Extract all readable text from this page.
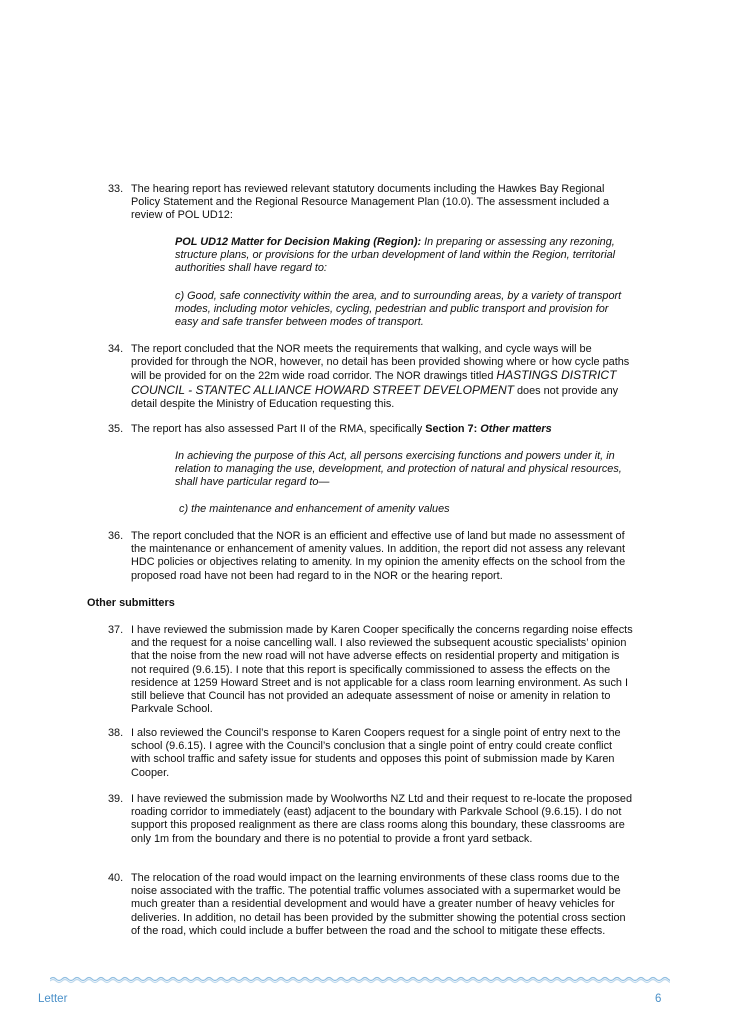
33. The hearing report has reviewed relevant statutory documents including the Hawkes Bay Regional Policy Statement and the Regional Resource Management Plan (10.0). The assessment included a review of POL UD12:
POL UD12 Matter for Decision Making (Region): In preparing or assessing any rezoning, structure plans, or provisions for the urban development of land within the Region, territorial authorities shall have regard to:
c) Good, safe connectivity within the area, and to surrounding areas, by a variety of transport modes, including motor vehicles, cycling, pedestrian and public transport and provision for easy and safe transfer between modes of transport.
34. The report concluded that the NOR meets the requirements that walking, and cycle ways will be provided for through the NOR, however, no detail has been provided showing where or how cycle paths will be provided for on the 22m wide road corridor. The NOR drawings titled HASTINGS DISTRICT COUNCIL - STANTEC ALLIANCE HOWARD STREET DEVELOPMENT does not provide any detail despite the Ministry of Education requesting this.
35. The report has also assessed Part II of the RMA, specifically Section 7: Other matters
In achieving the purpose of this Act, all persons exercising functions and powers under it, in relation to managing the use, development, and protection of natural and physical resources, shall have particular regard to—
c) the maintenance and enhancement of amenity values
36. The report concluded that the NOR is an efficient and effective use of land but made no assessment of the maintenance or enhancement of amenity values. In addition, the report did not assess any relevant HDC policies or objectives relating to amenity. In my opinion the amenity effects on the school from the proposed road have not been had regard to in the NOR or the hearing report.
Other submitters
37. I have reviewed the submission made by Karen Cooper specifically the concerns regarding noise effects and the request for a noise cancelling wall. I also reviewed the subsequent acoustic specialists’ opinion that the noise from the new road will not have adverse effects on residential property and mitigation is not required (9.6.15). I note that this report is specifically commissioned to assess the effects on the residence at 1259 Howard Street and is not applicable for a class room learning environment. As such I still believe that Council has not provided an adequate assessment of noise or amenity in relation to Parkvale School.
38. I also reviewed the Council’s response to Karen Coopers request for a single point of entry next to the school (9.6.15). I agree with the Council’s conclusion that a single point of entry could create conflict with school traffic and safety issue for students and opposes this point of submission made by Karen Cooper.
39. I have reviewed the submission made by Woolworths NZ Ltd and their request to re-locate the proposed roading corridor to immediately (east) adjacent to the boundary with Parkvale School (9.6.15). I do not support this proposed realignment as there are class rooms along this boundary, these classrooms are only 1m from the boundary and there is no potential to provide a front yard setback.
40. The relocation of the road would impact on the learning environments of these class rooms due to the noise associated with the traffic. The potential traffic volumes associated with a supermarket would be much greater than a residential development and would have a greater number of heavy vehicles for deliveries. In addition, no detail has been provided by the submitter showing the potential cross section of the road, which could include a buffer between the road and the school to mitigate these effects.
Letter	6
